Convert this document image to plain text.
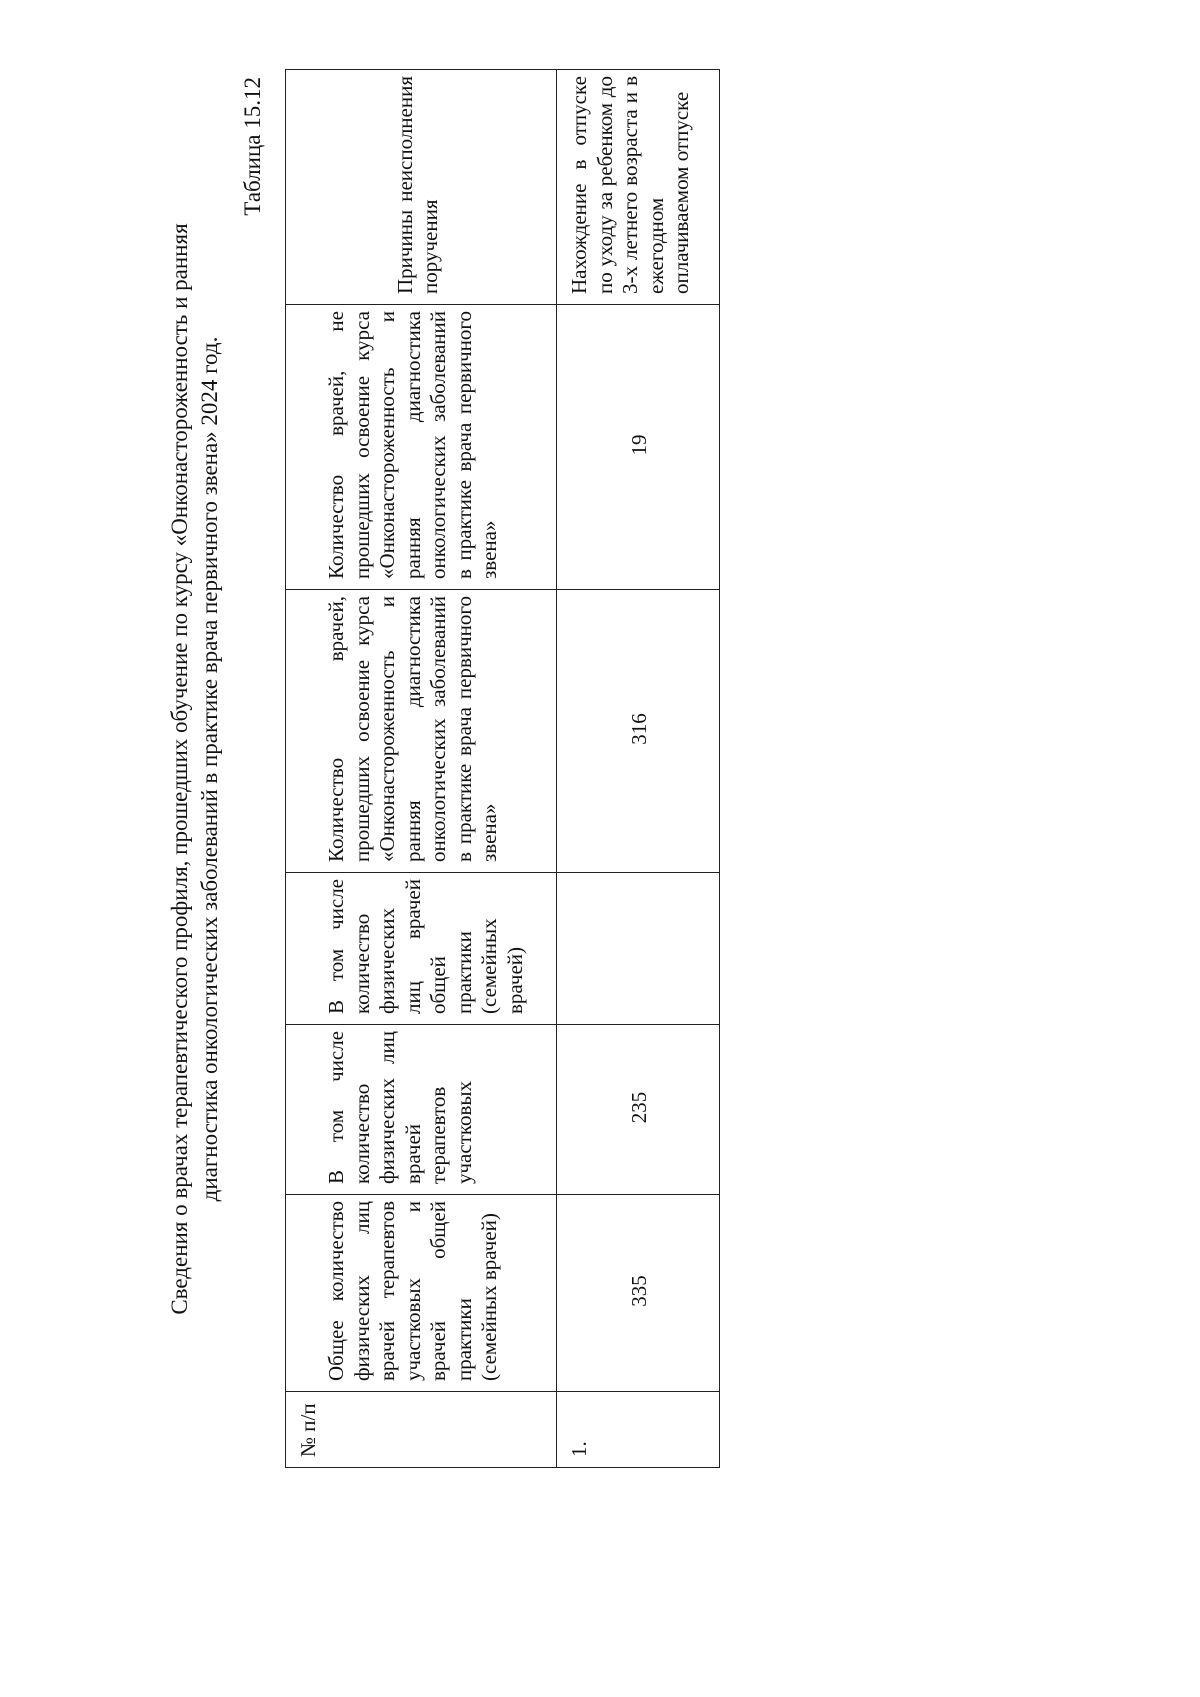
Сведения о врачах терапевтического профиля, прошедших обучение по курсу «Онконастороженность и ранняя диагностика онкологических заболеваний в практике врача первичного звена» 2024 год.
Таблица 15.12
№ п/п	Общее количество физических лиц врачей терапевтов участковых и врачей общей практики (семейных врачей)	В том числе количество физических лиц врачей терапевтов участковых	В том числе количество физических лиц врачей общей практики (семейных врачей)	Количество врачей, прошедших освоение курса «Онконастороженность и ранняя диагностика онкологических заболеваний в практике врача первичного звена»	Количество врачей, не прошедших освоение курса «Онконастороженность и ранняя диагностика онкологических заболеваний в практике врача первичного звена»	Причины неисполнения поручения
1.	335	235		316	19	Нахождение в отпуске по уходу за ребенком до 3-х летнего возраста и в ежегодном оплачиваемом отпуске
